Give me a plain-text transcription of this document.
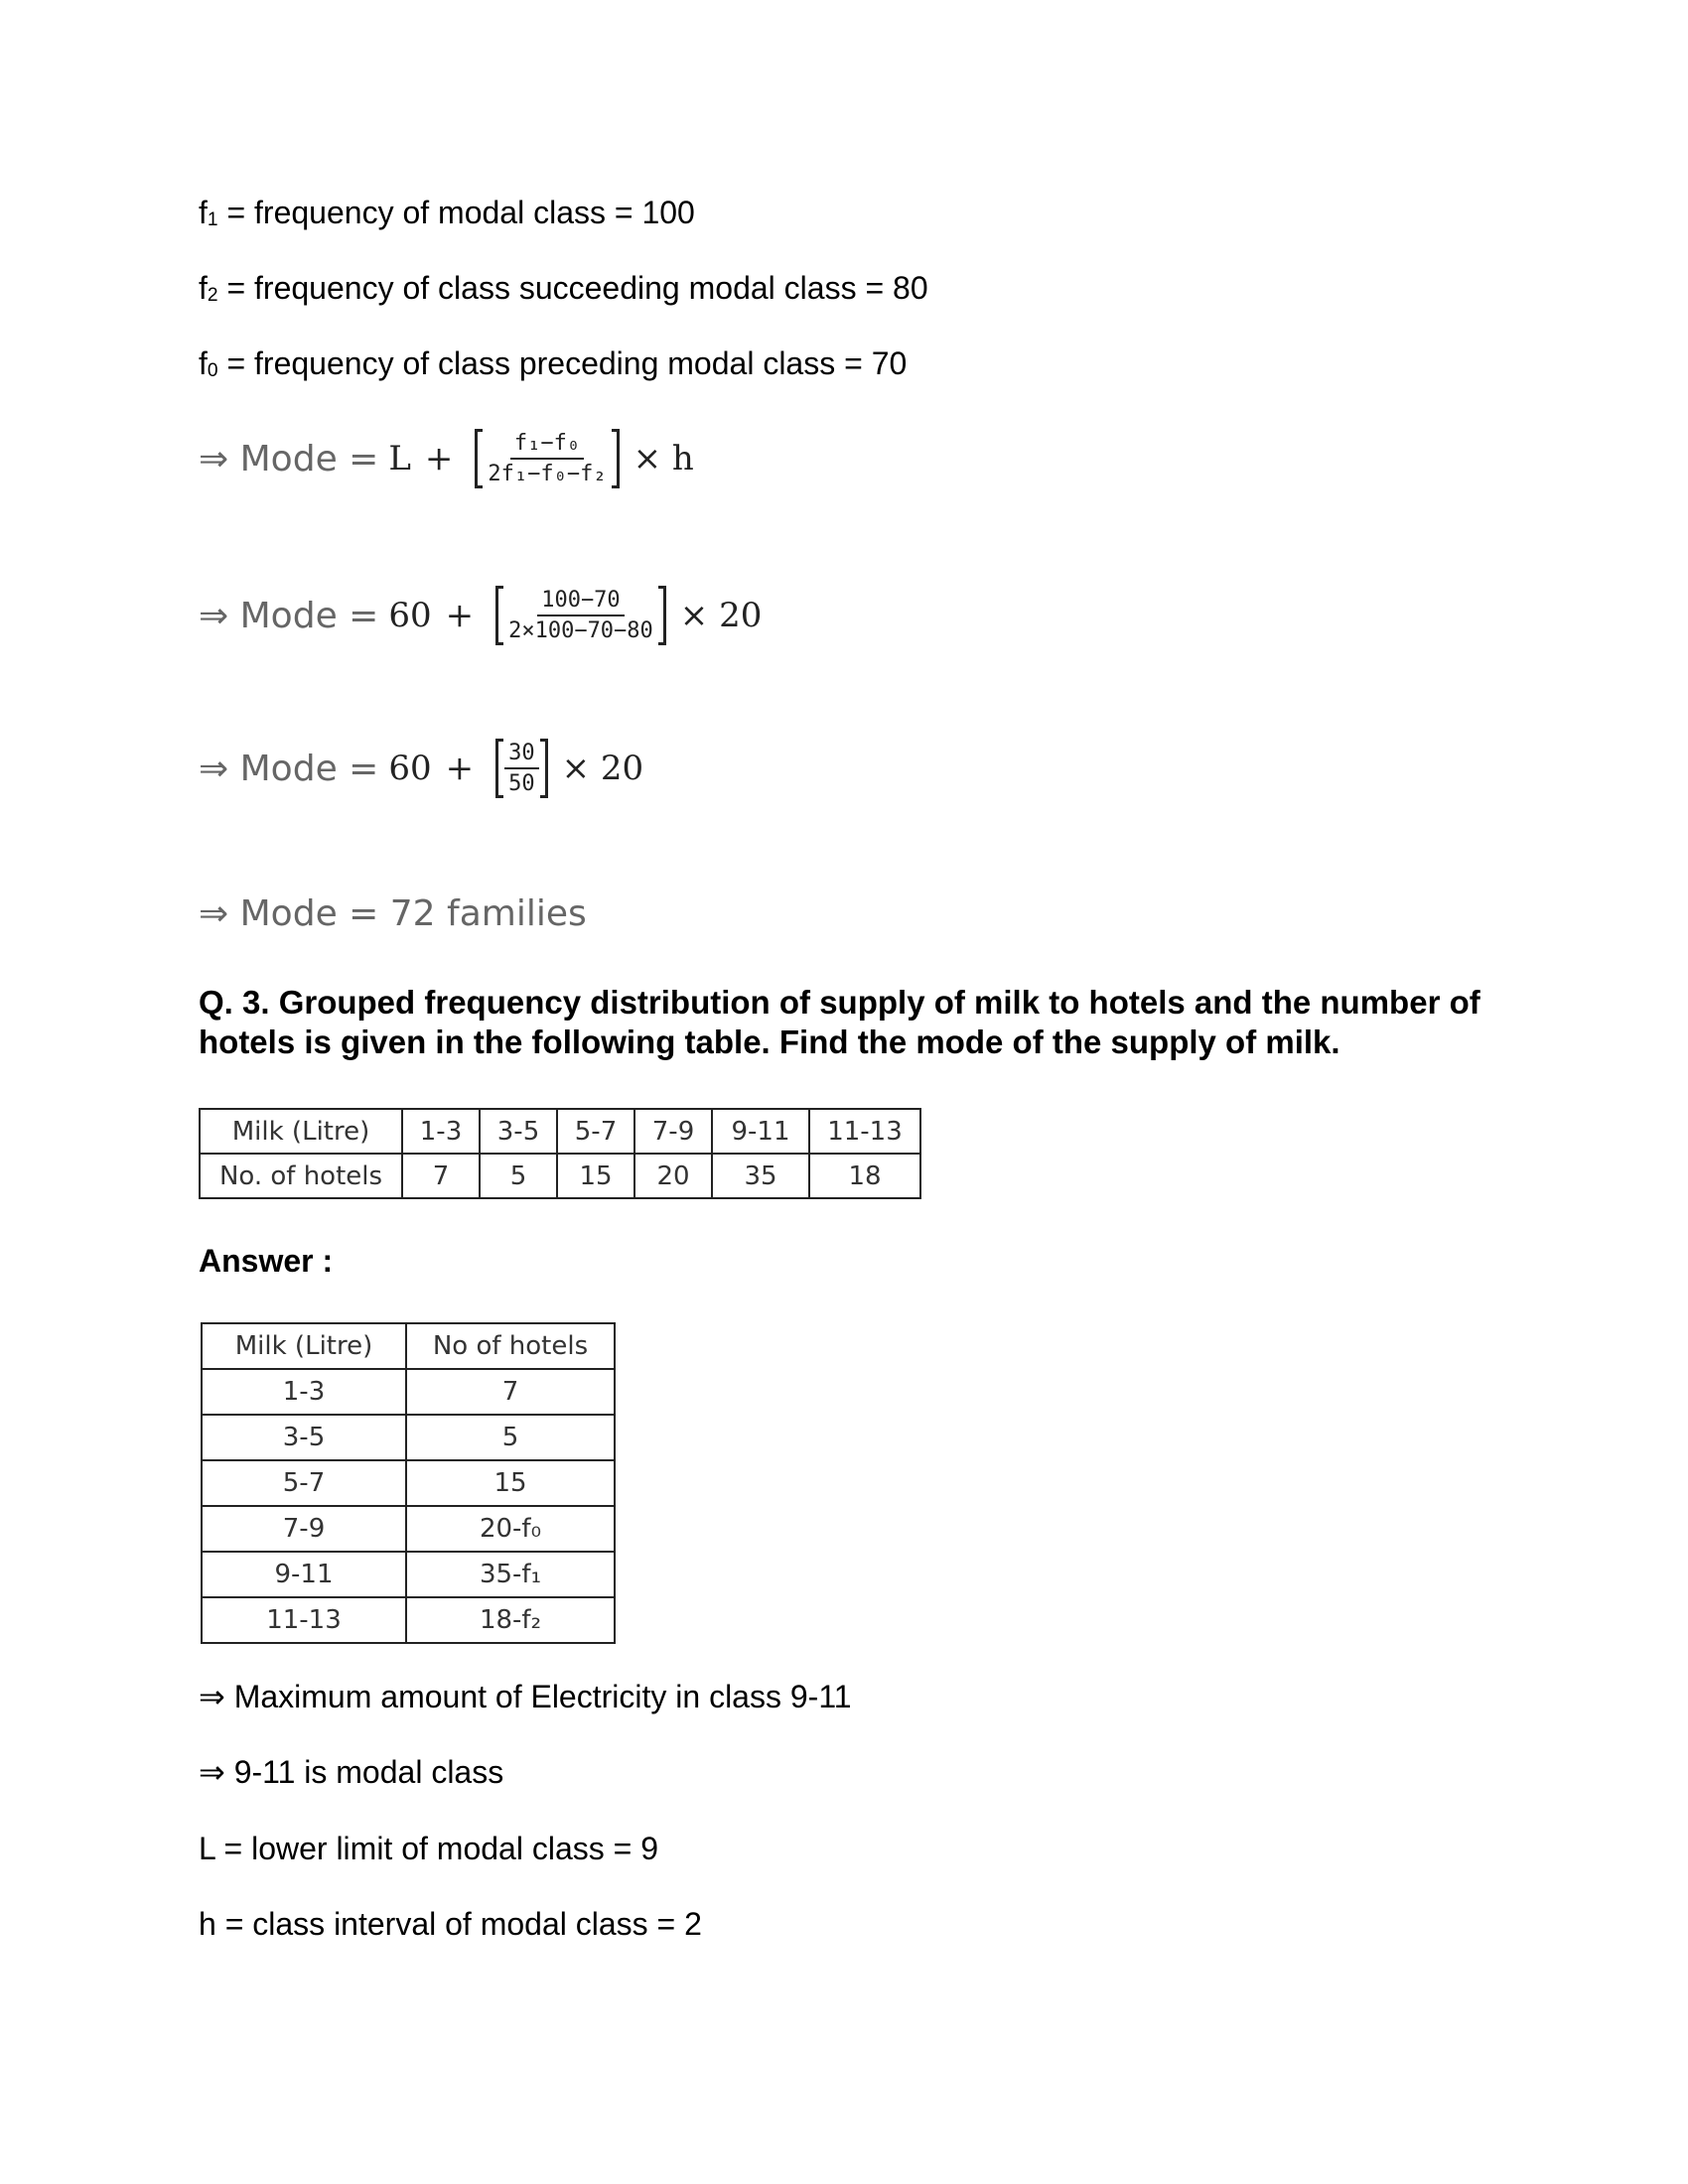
$f_1$ = frequency of modal class = 100
$f_2$ = frequency of class succeeding modal class = 80
$f_0$ = frequency of class preceding modal class = 70
⇒
Mode = $L + \frac{\text{f₁−f₀}}{\text{2f₁−f₀−f₂}} \times h$
⇒
Mode = $60 + \frac{100-70}{2\times 100-70-80} \times 20$
⇒
Mode = $60 + \frac{30}{50} \times 20$
⇒
Mode = 72 families
Q. 3. Grouped frequency distribution of supply of milk to hotels and the number of hotels is given in the following table. Find the mode of the supply of milk.
Milk (Litre)	1-3	3-5	5-7	7-9	9-11	11-13
No. of hotels	7	5	15	20	35	18
Answer :
Milk (Litre)	No of hotels
1-3	7
3-5	5
5-7	15
7-9	20-f₀
9-11	35-f₁
11-13	18-f₂
⇒ Maximum amount of Electricity in class 9-11
⇒ 9-11 is modal class
L = lower limit of modal class = 9
h = class interval of modal class = 2
